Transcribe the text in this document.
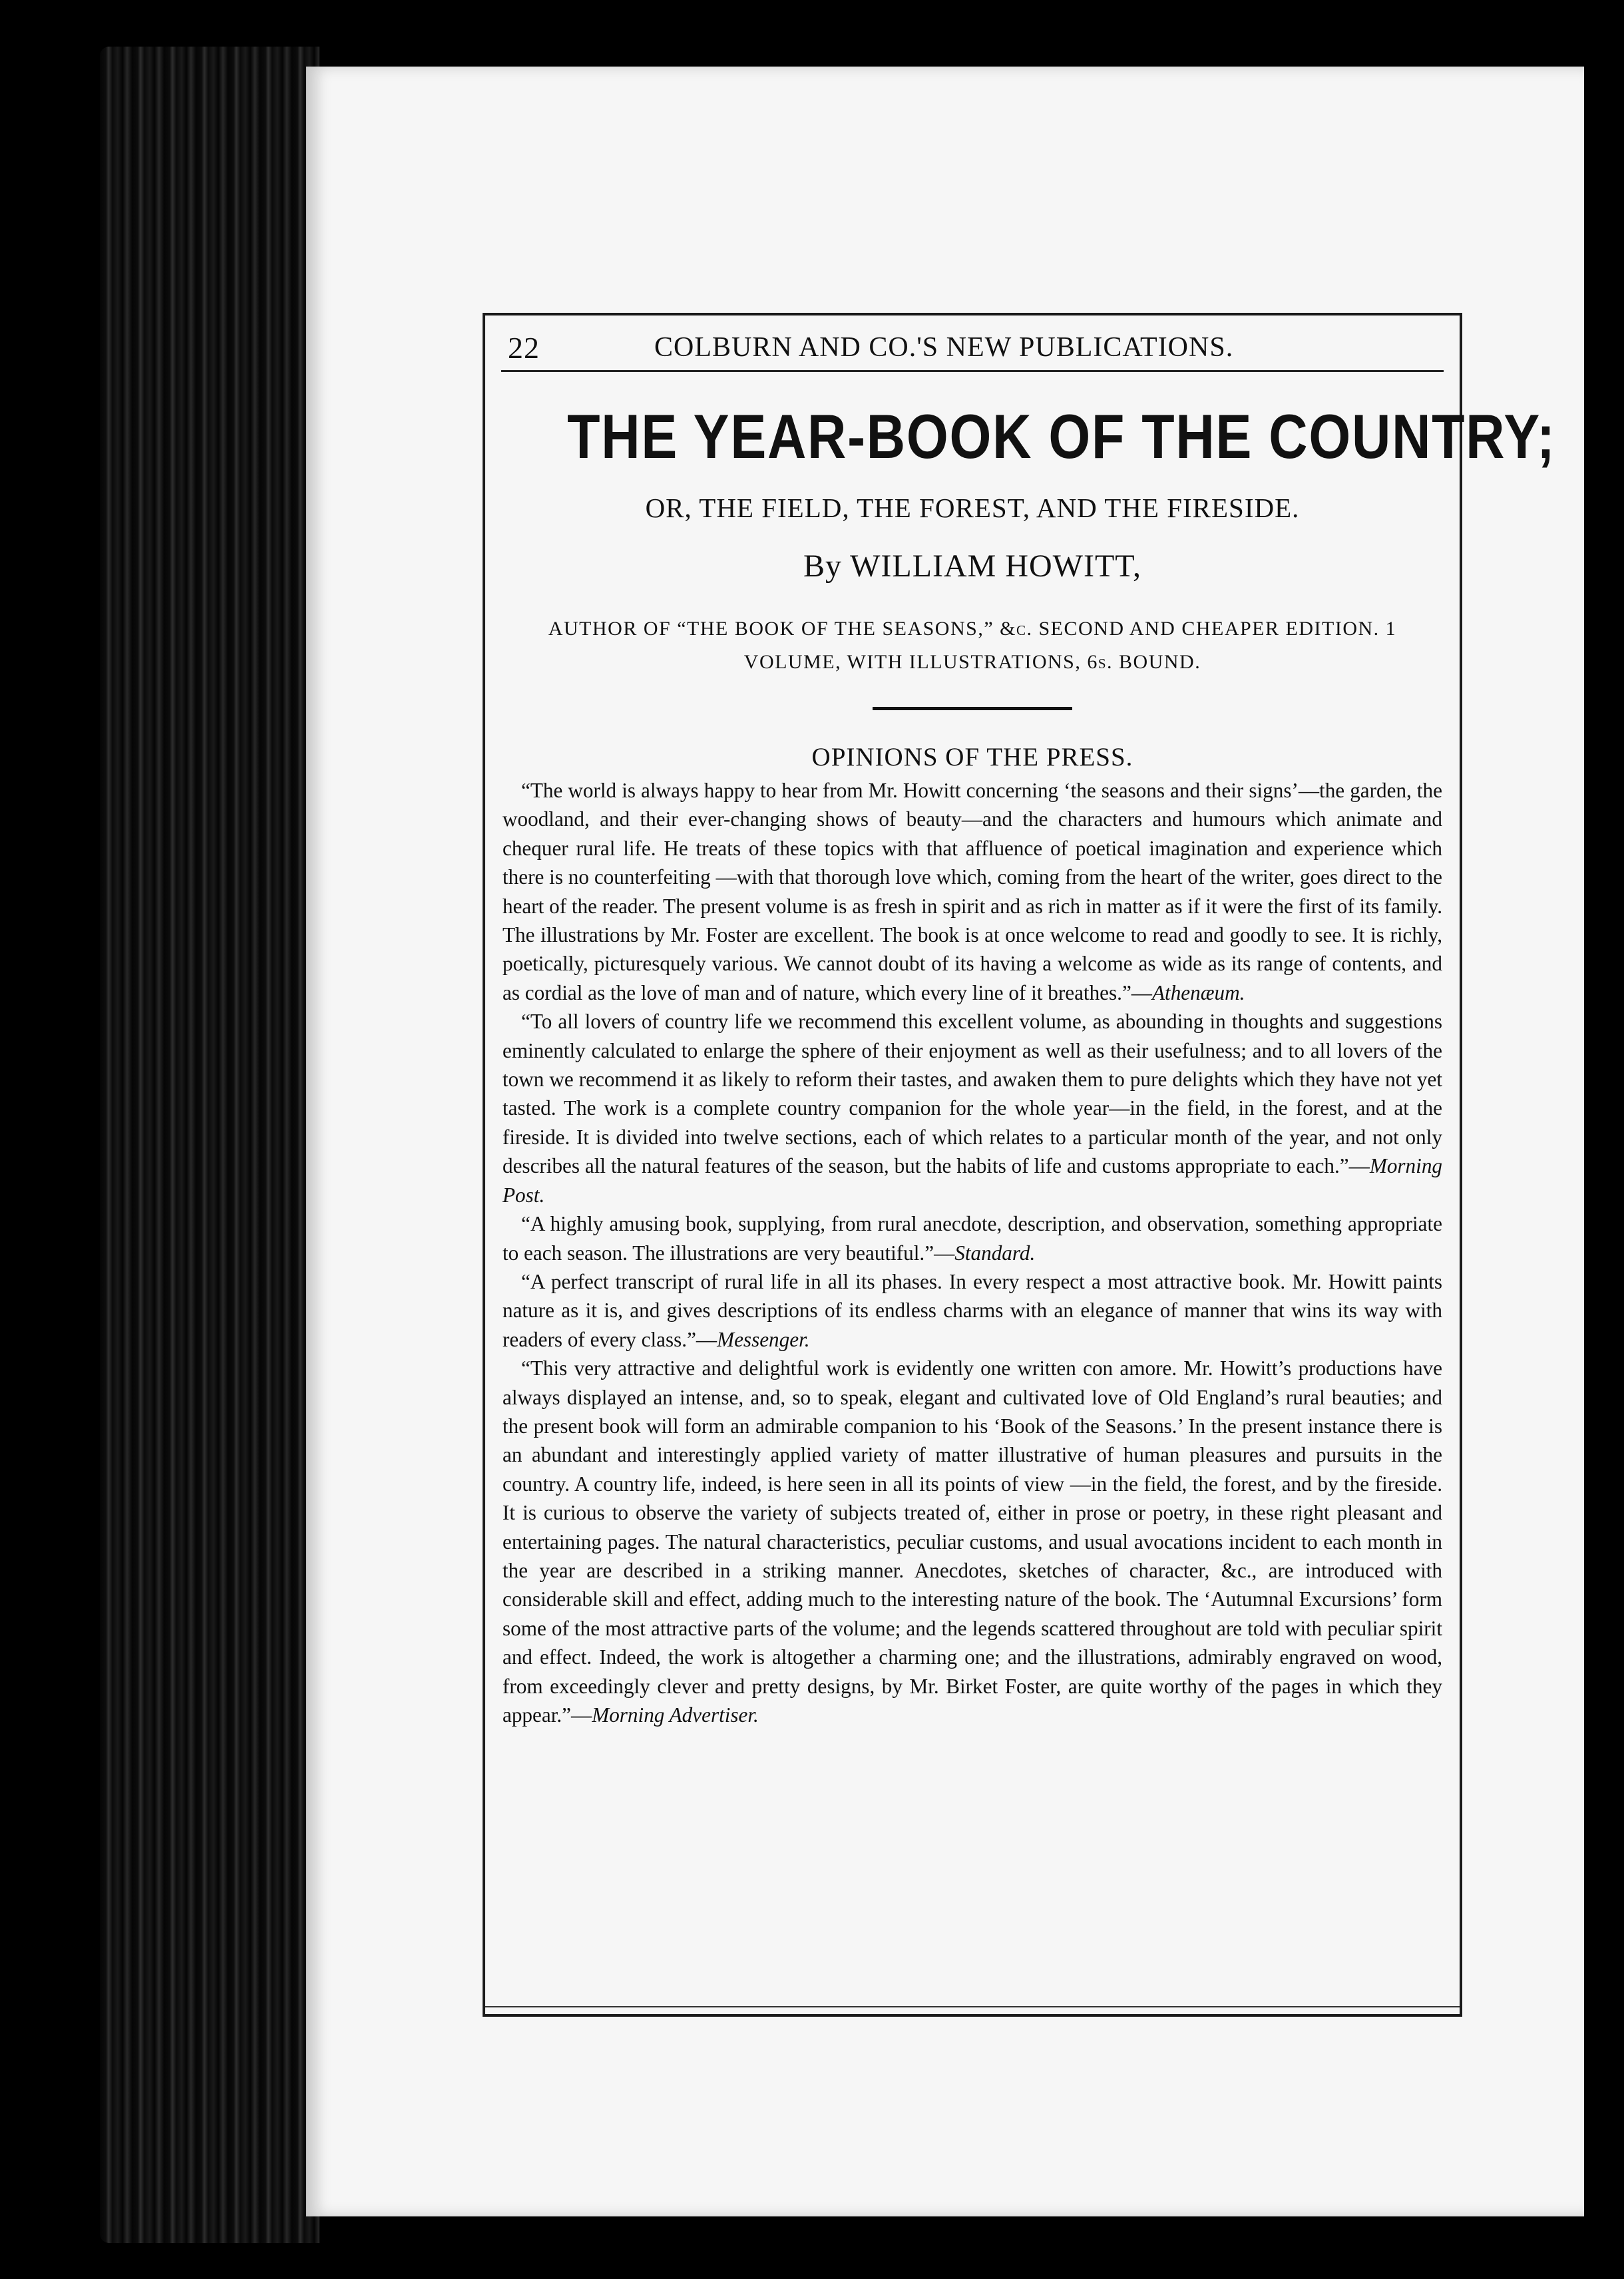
22	COLBURN AND CO.'S NEW PUBLICATIONS.
THE YEAR-BOOK OF THE COUNTRY;
OR, THE FIELD, THE FOREST, AND THE FIRESIDE.
By WILLIAM HOWITT,
AUTHOR OF “THE BOOK OF THE SEASONS,” &c. SECOND AND CHEAPER EDITION. 1 VOLUME, WITH ILLUSTRATIONS, 6s. BOUND.
OPINIONS OF THE PRESS.

“The world is always happy to hear from Mr. Howitt concerning ‘the seasons and their signs’—the garden, the woodland, and their ever-changing shows of beauty—and the characters and humours which animate and chequer rural life. He treats of these topics with that affluence of poetical imagination and experience which there is no counterfeiting —with that thorough love which, coming from the heart of the writer, goes direct to the heart of the reader. The present volume is as fresh in spirit and as rich in matter as if it were the first of its family. The illustrations by Mr. Foster are excellent. The book is at once welcome to read and goodly to see. It is richly, poetically, picturesquely various. We cannot doubt of its having a welcome as wide as its range of contents, and as cordial as the love of man and of nature, which every line of it breathes.”—Athenæum.

“To all lovers of country life we recommend this excellent volume, as abounding in thoughts and suggestions eminently calculated to enlarge the sphere of their enjoyment as well as their usefulness; and to all lovers of the town we recommend it as likely to reform their tastes, and awaken them to pure delights which they have not yet tasted. The work is a complete country companion for the whole year—in the field, in the forest, and at the fireside. It is divided into twelve sections, each of which relates to a particular month of the year, and not only describes all the natural features of the season, but the habits of life and customs appropriate to each.”—Morning Post.

“A highly amusing book, supplying, from rural anecdote, description, and observation, something appropriate to each season. The illustrations are very beautiful.”—Standard.

“A perfect transcript of rural life in all its phases. In every respect a most attractive book. Mr. Howitt paints nature as it is, and gives descriptions of its endless charms with an elegance of manner that wins its way with readers of every class.”—Messenger.

“This very attractive and delightful work is evidently one written con amore. Mr. Howitt’s productions have always displayed an intense, and, so to speak, elegant and cultivated love of Old England’s rural beauties; and the present book will form an admirable companion to his ‘Book of the Seasons.’ In the present instance there is an abundant and interestingly applied variety of matter illustrative of human pleasures and pursuits in the country. A country life, indeed, is here seen in all its points of view —in the field, the forest, and by the fireside. It is curious to observe the variety of subjects treated of, either in prose or poetry, in these right pleasant and entertaining pages. The natural characteristics, peculiar customs, and usual avocations incident to each month in the year are described in a striking manner. Anecdotes, sketches of character, &c., are introduced with considerable skill and effect, adding much to the interesting nature of the book. The ‘Autumnal Excursions’ form some of the most attractive parts of the volume; and the legends scattered throughout are told with peculiar spirit and effect. Indeed, the work is altogether a charming one; and the illustrations, admirably engraved on wood, from exceedingly clever and pretty designs, by Mr. Birket Foster, are quite worthy of the pages in which they appear.”—Morning Advertiser.
